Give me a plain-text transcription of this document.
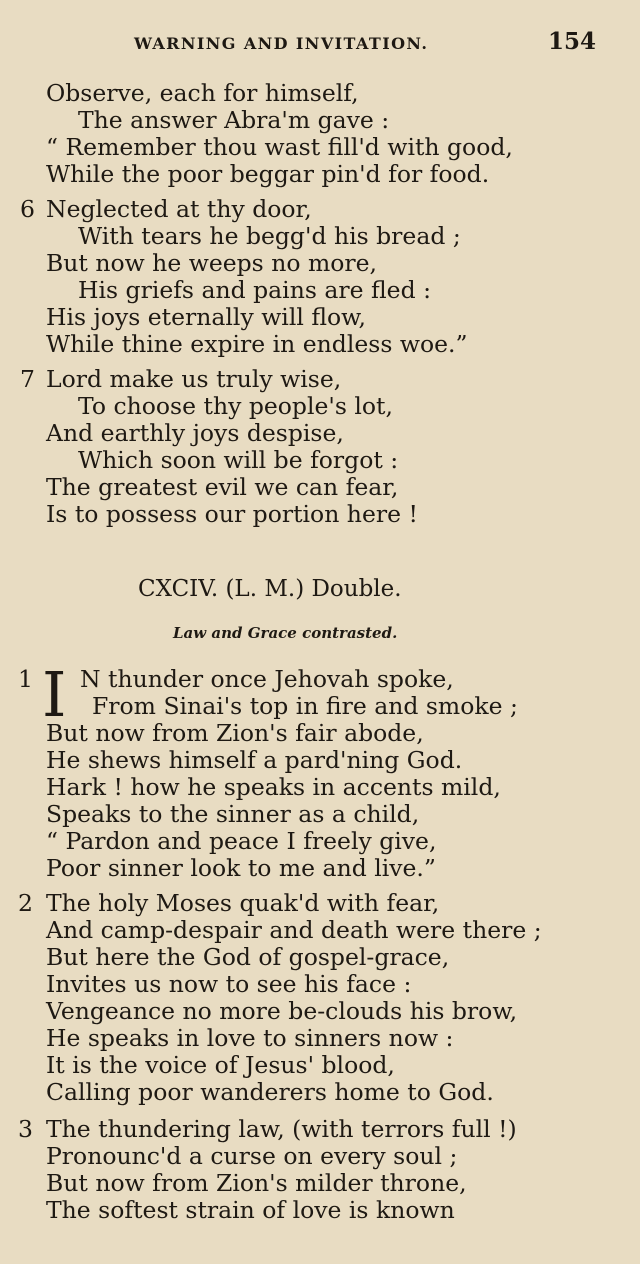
WARNING AND INVITATION.	154
Observe, each for himself,
The answer Abra'm gave :
“ Remember thou wast fill'd with good,
While the poor beggar pin'd for food.
6 Neglected at thy door,
With tears he begg'd his bread ;
But now he weeps no more,
His griefs and pains are fled :
His joys eternally will flow,
While thine expire in endless woe.”
7 Lord make us truly wise,
To choose thy people's lot,
And earthly joys despise,
Which soon will be forgot :
The greatest evil we can fear,
Is to possess our portion here !
CXCIV. (L. M.) Double.
Law and Grace contrasted.
1 I N thunder once Jehovah spoke,
From Sinai's top in fire and smoke ;
But now from Zion's fair abode,
He shews himself a pard'ning God.
Hark ! how he speaks in accents mild,
Speaks to the sinner as a child,
“ Pardon and peace I freely give,
Poor sinner look to me and live.”
2 The holy Moses quak'd with fear,
And camp-despair and death were there ;
But here the God of gospel-grace,
Invites us now to see his face :
Vengeance no more be-clouds his brow,
He speaks in love to sinners now :
It is the voice of Jesus' blood,
Calling poor wanderers home to God.
3 The thundering law, (with terrors full !)
Pronounc'd a curse on every soul ;
But now from Zion's milder throne,
The softest strain of love is known
